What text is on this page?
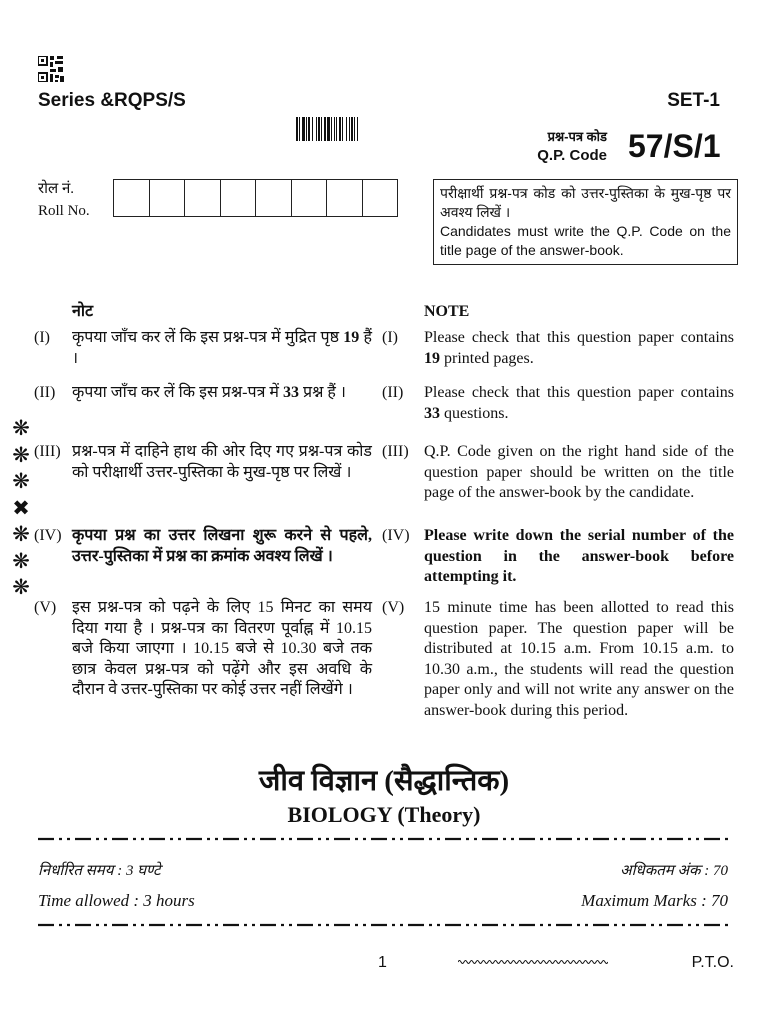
Series &RQPS/S	SET-1
प्रश्न-पत्र कोड
Q.P. Code 57/S/1
रोल नं.
Roll No.
परीक्षार्थी प्रश्न-पत्र कोड को उत्तर-पुस्तिका के मुख-पृष्ठ पर अवश्य लिखें ।
Candidates must write the Q.P. Code on the title page of the answer-book.
नोट
(I) कृपया जाँच कर लें कि इस प्रश्न-पत्र में मुद्रित पृष्ठ 19 हैं ।
(II) कृपया जाँच कर लें कि इस प्रश्न-पत्र में 33 प्रश्न हैं ।
(III) प्रश्न-पत्र में दाहिने हाथ की ओर दिए गए प्रश्न-पत्र कोड को परीक्षार्थी उत्तर-पुस्तिका के मुख-पृष्ठ पर लिखें ।
(IV) कृपया प्रश्न का उत्तर लिखना शुरू करने से पहले, उत्तर-पुस्तिका में प्रश्न का क्रमांक अवश्य लिखें ।
(V) इस प्रश्न-पत्र को पढ़ने के लिए 15 मिनट का समय दिया गया है । प्रश्न-पत्र का वितरण पूर्वाह्न में 10.15 बजे किया जाएगा । 10.15 बजे से 10.30 बजे तक छात्र केवल प्रश्न-पत्र को पढ़ेंगे और इस अवधि के दौरान वे उत्तर-पुस्तिका पर कोई उत्तर नहीं लिखेंगे ।
NOTE
(I) Please check that this question paper contains 19 printed pages.
(II) Please check that this question paper contains 33 questions.
(III) Q.P. Code given on the right hand side of the question paper should be written on the title page of the answer-book by the candidate.
(IV) Please write down the serial number of the question in the answer-book before attempting it.
(V) 15 minute time has been allotted to read this question paper. The question paper will be distributed at 10.15 a.m. From 10.15 a.m. to 10.30 a.m., the students will read the question paper only and will not write any answer on the answer-book during this period.
❋
❋
❋
✖
❋
❋
❋
जीव विज्ञान (सैद्धान्तिक)
BIOLOGY (Theory)
निर्धारित समय : 3 घण्टे	अधिकतम अंक : 70
Time allowed : 3 hours	Maximum Marks : 70
1	P.T.O.
